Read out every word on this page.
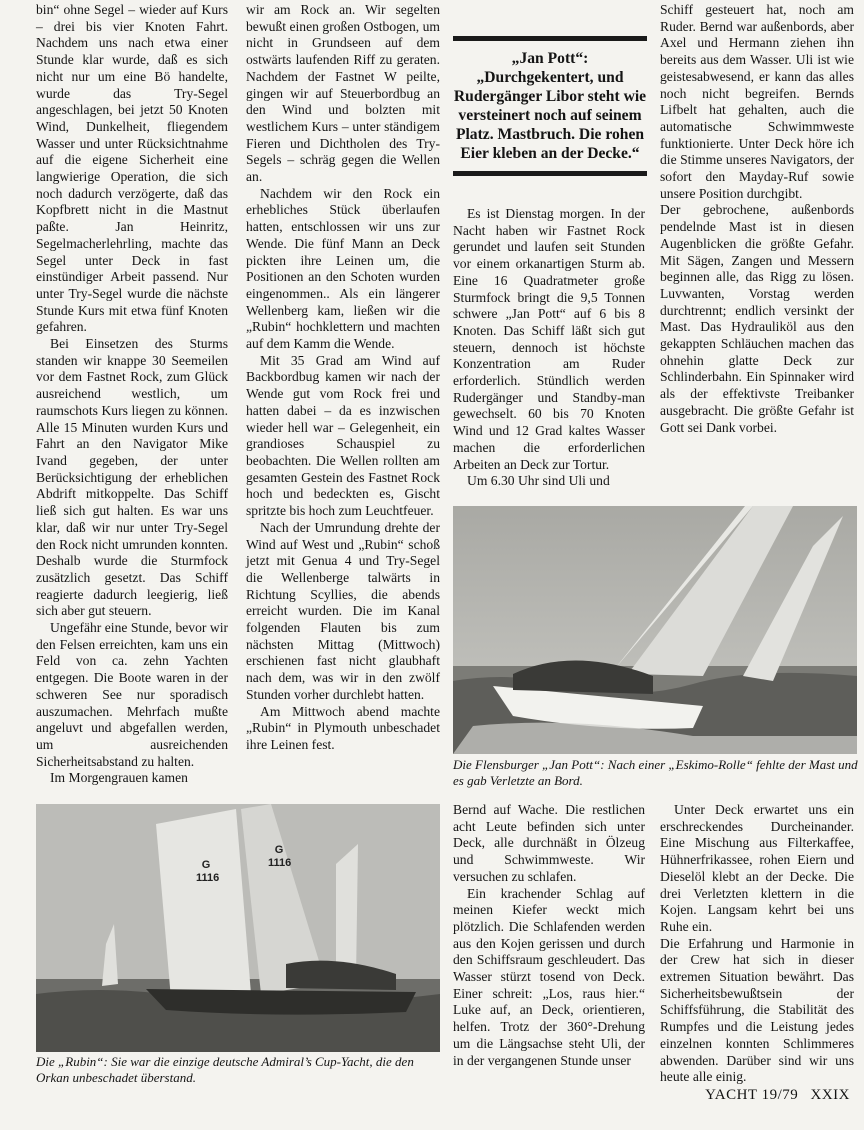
bin“ ohne Segel – wieder auf Kurs – drei bis vier Knoten Fahrt. Nachdem uns nach etwa einer Stunde klar wurde, daß es sich nicht nur um eine Bö handelte, wurde das Try-Segel angeschlagen, bei jetzt 50 Knoten Wind, Dunkelheit, fliegendem Wasser und unter Rücksichtnahme auf die eigene Sicherheit eine langwierige Operation, die sich noch dadurch verzögerte, daß das Kopfbrett nicht in die Mastnut paßte. Jan Heinritz, Segelmacherlehrling, machte das Segel unter Deck in fast einstündiger Arbeit passend. Nur unter Try-Segel wurde die nächste Stunde Kurs mit etwa fünf Knoten gefahren.

Bei Einsetzen des Sturms standen wir knappe 30 Seemeilen vor dem Fastnet Rock, zum Glück ausreichend westlich, um raumschots Kurs liegen zu können. Alle 15 Minuten wurden Kurs und Fahrt an den Navigator Mike Ivand gegeben, der unter Berücksichtigung der erheblichen Abdrift mitkoppelte. Das Schiff ließ sich gut halten. Es war uns klar, daß wir nur unter Try-Segel den Rock nicht umrunden konnten. Deshalb wurde die Sturmfock zusätzlich gesetzt. Das Schiff reagierte dadurch leegierig, ließ sich aber gut steuern.

Ungefähr eine Stunde, bevor wir den Felsen erreichten, kam uns ein Feld von ca. zehn Yachten entgegen. Die Boote waren in der schweren See nur sporadisch auszumachen. Mehrfach mußte angeluvt und abgefallen werden, um ausreichenden Sicherheitsabstand zu halten.

Im Morgengrauen kamen

wir am Rock an. Wir segelten bewußt einen großen Ostbogen, um nicht in Grundseen auf dem ostwärts laufenden Riff zu geraten. Nachdem der Fastnet W peilte, gingen wir auf Steuerbordbug an den Wind und bolzten mit westlichem Kurs – unter ständigem Fieren und Dichtholen des Try-Segels – schräg gegen die Wellen an.

Nachdem wir den Rock ein erhebliches Stück überlaufen hatten, entschlossen wir uns zur Wende. Die fünf Mann an Deck pickten ihre Leinen um, die Positionen an den Schoten wurden eingenommen.. Als ein längerer Wellenberg kam, ließen wir die „Rubin“ hochklettern und machten auf dem Kamm die Wende.

Mit 35 Grad am Wind auf Backbordbug kamen wir nach der Wende gut vom Rock frei und hatten dabei – da es inzwischen wieder hell war – Gelegenheit, ein grandioses Schauspiel zu beobachten. Die Wellen rollten am gesamten Gestein des Fastnet Rock hoch und bedeckten es, Gischt spritzte bis hoch zum Leuchtfeuer.

Nach der Umrundung drehte der Wind auf West und „Rubin“ schoß jetzt mit Genua 4 und Try-Segel die Wellenberge talwärts in Richtung Scyllies, die abends erreicht wurden. Die im Kanal folgenden Flauten bis zum nächsten Mittag (Mittwoch) erschienen fast nicht glaubhaft nach dem, was wir in den zwölf Stunden vorher durchlebt hatten.

Am Mittwoch abend machte „Rubin“ in Plymouth unbeschadet ihre Leinen fest.

„Jan Pott“: „Durchgekentert, und Rudergänger Libor steht wie versteinert noch auf seinem Platz. Mastbruch. Die rohen Eier kleben an der Decke.“

Es ist Dienstag morgen. In der Nacht haben wir Fastnet Rock gerundet und laufen seit Stunden vor einem orkanartigen Sturm ab. Eine 16 Quadratmeter große Sturmfock bringt die 9,5 Tonnen schwere „Jan Pott“ auf 6 bis 8 Knoten. Das Schiff läßt sich gut steuern, dennoch ist höchste Konzentration am Ruder erforderlich. Stündlich werden Rudergänger und Standby-man gewechselt. 60 bis 70 Knoten Wind und 12 Grad kaltes Wasser machen die erforderlichen Arbeiten an Deck zur Tortur.

Um 6.30 Uhr sind Uli und

Schiff gesteuert hat, noch am Ruder. Bernd war außenbords, aber Axel und Hermann ziehen ihn bereits aus dem Wasser. Uli ist wie geistesabwesend, er kann das alles noch nicht begreifen. Bernds Lifbelt hat gehalten, auch die automatische Schwimmweste funktionierte. Unter Deck höre ich die Stimme unseres Navigators, der sofort den Mayday-Ruf sowie unsere Position durchgibt.

Der gebrochene, außenbords pendelnde Mast ist in diesen Augenblicken die größte Gefahr. Mit Sägen, Zangen und Messern beginnen alle, das Rigg zu lösen. Luvwanten, Vorstag werden durchtrennt; endlich versinkt der Mast. Das Hydrauliköl aus den gekappten Schläuchen machen das ohnehin glatte Deck zur Schlinderbahn. Ein Spinnaker wird als der effektivste Treibanker ausgebracht. Die größte Gefahr ist Gott sei Dank vorbei.

Die Flensburger „Jan Pott“: Nach einer „Eskimo-Rolle“ fehlte der Mast und es gab Verletzte an Bord.
G 1116
G 1116
Die „Rubin“: Sie war die einzige deutsche Admiral’s Cup-Yacht, die den Orkan unbeschadet überstand.

Bernd auf Wache. Die restlichen acht Leute befinden sich unter Deck, alle durchnäßt in Ölzeug und Schwimmweste. Wir versuchen zu schlafen.

Ein krachender Schlag auf meinen Kiefer weckt mich plötzlich. Die Schlafenden werden aus den Kojen gerissen und durch den Schiffsraum geschleudert. Das Wasser stürzt tosend von Deck. Einer schreit: „Los, raus hier.“ Luke auf, an Deck, orientieren, helfen. Trotz der 360°-Drehung um die Längsachse steht Uli, der in der vergangenen Stunde unser

Unter Deck erwartet uns ein erschreckendes Durcheinander. Eine Mischung aus Filterkaffee, Hühnerfrikassee, rohen Eiern und Dieselöl klebt an der Decke. Die drei Verletzten klettern in die Kojen. Langsam kehrt bei uns Ruhe ein.

Die Erfahrung und Harmonie in der Crew hat sich in dieser extremen Situation bewährt. Das Sicherheitsbewußtsein der Schiffsführung, die Stabilität des Rumpfes und die Leistung jedes einzelnen konnten Schlimmeres abwenden. Darüber sind wir uns heute alle einig.

YACHT 19/79 XXIX
